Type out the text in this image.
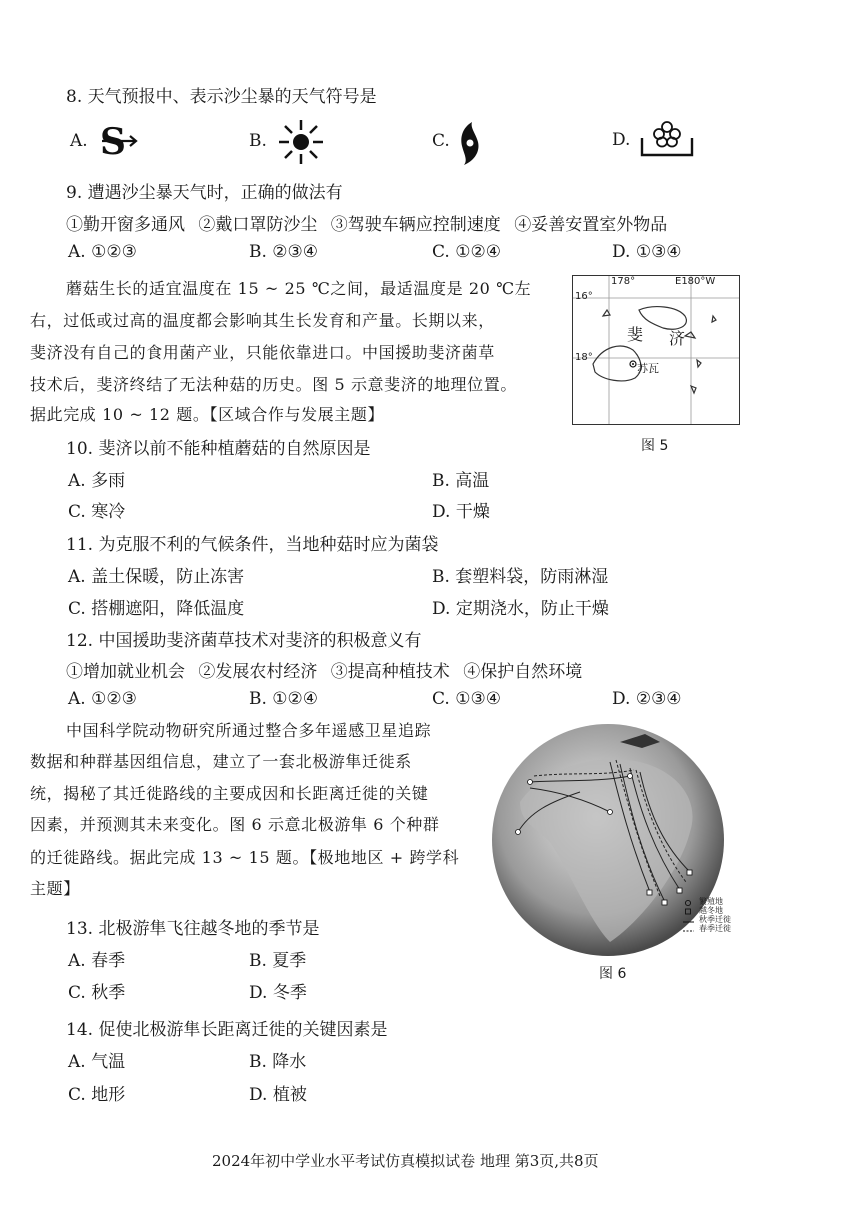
8. 天气预报中、表示沙尘暴的天气符号是
A. S	B.	C.	D.
9. 遭遇沙尘暴天气时，正确的做法有
①勤开窗多通风 ②戴口罩防沙尘 ③驾驶车辆应控制速度 ④妥善安置室外物品
A. ①②③	B. ②③④	C. ①②④	D. ①③④
蘑菇生长的适宜温度在 15 ~ 25 ℃之间，最适温度是 20 ℃左
右，过低或过高的温度都会影响其生长发育和产量。长期以来，
斐济没有自己的食用菌产业，只能依靠进口。中国援助斐济菌草
技术后，斐济终结了无法种菇的历史。图 5 示意斐济的地理位置。
据此完成 10 ~ 12 题。【区域合作与发展主题】
178°	E180°W
16°
18°
斐 济
苏瓦
图 5
10. 斐济以前不能种植蘑菇的自然原因是
A. 多雨	B. 高温
C. 寒冷	D. 干燥
11. 为克服不利的气候条件，当地种菇时应为菌袋
A. 盖土保暖，防止冻害	B. 套塑料袋，防雨淋湿
C. 搭棚遮阳，降低温度	D. 定期浇水，防止干燥
12. 中国援助斐济菌草技术对斐济的积极意义有
①增加就业机会 ②发展农村经济 ③提高种植技术 ④保护自然环境
A. ①②③	B. ①②④	C. ①③④	D. ②③④
中国科学院动物研究所通过整合多年遥感卫星追踪
数据和种群基因组信息，建立了一套北极游隼迁徙系
统，揭秘了其迁徙路线的主要成因和长距离迁徙的关键
因素，并预测其未来变化。图 6 示意北极游隼 6 个种群
的迁徙路线。据此完成 13 ~ 15 题。【极地地区 + 跨学科
主题】
繁殖地
越冬地
秋季迁徙
春季迁徙
图 6
13. 北极游隼飞往越冬地的季节是
A. 春季	B. 夏季
C. 秋季	D. 冬季
14. 促使北极游隼长距离迁徙的关键因素是
A. 气温	B. 降水
C. 地形	D. 植被
2024年初中学业水平考试仿真模拟试卷 地理 第3页,共8页
